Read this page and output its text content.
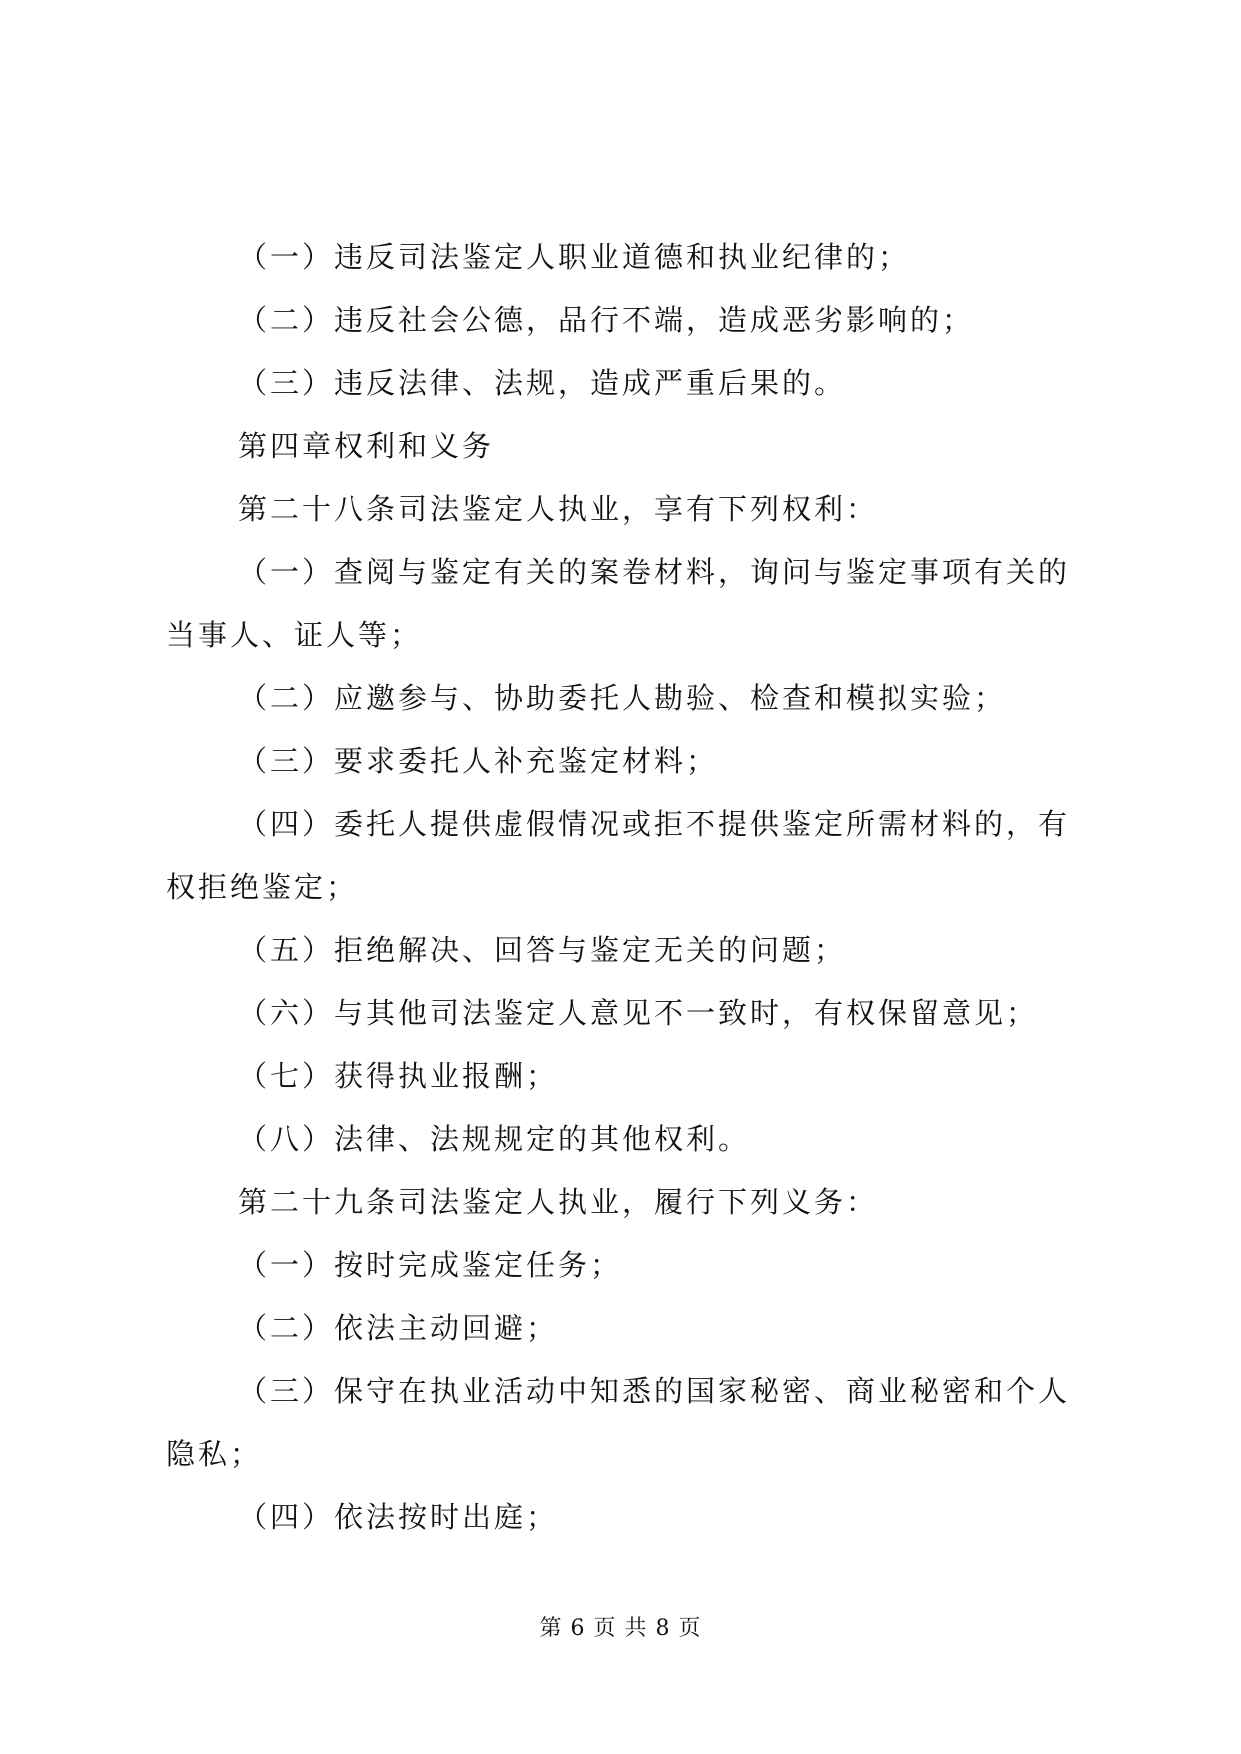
（一）违反司法鉴定人职业道德和执业纪律的；
（二）违反社会公德，品行不端，造成恶劣影响的；
（三）违反法律、法规，造成严重后果的。
第四章权利和义务
第二十八条司法鉴定人执业，享有下列权利：
（一）查阅与鉴定有关的案卷材料，询问与鉴定事项有关的
当事人、证人等；
（二）应邀参与、协助委托人勘验、检查和模拟实验；
（三）要求委托人补充鉴定材料；
（四）委托人提供虚假情况或拒不提供鉴定所需材料的，有
权拒绝鉴定；
（五）拒绝解决、回答与鉴定无关的问题；
（六）与其他司法鉴定人意见不一致时，有权保留意见；
（七）获得执业报酬；
（八）法律、法规规定的其他权利。
第二十九条司法鉴定人执业，履行下列义务：
（一）按时完成鉴定任务；
（二）依法主动回避；
（三）保守在执业活动中知悉的国家秘密、商业秘密和个人
隐私；
（四）依法按时出庭；
第 6 页 共 8 页
